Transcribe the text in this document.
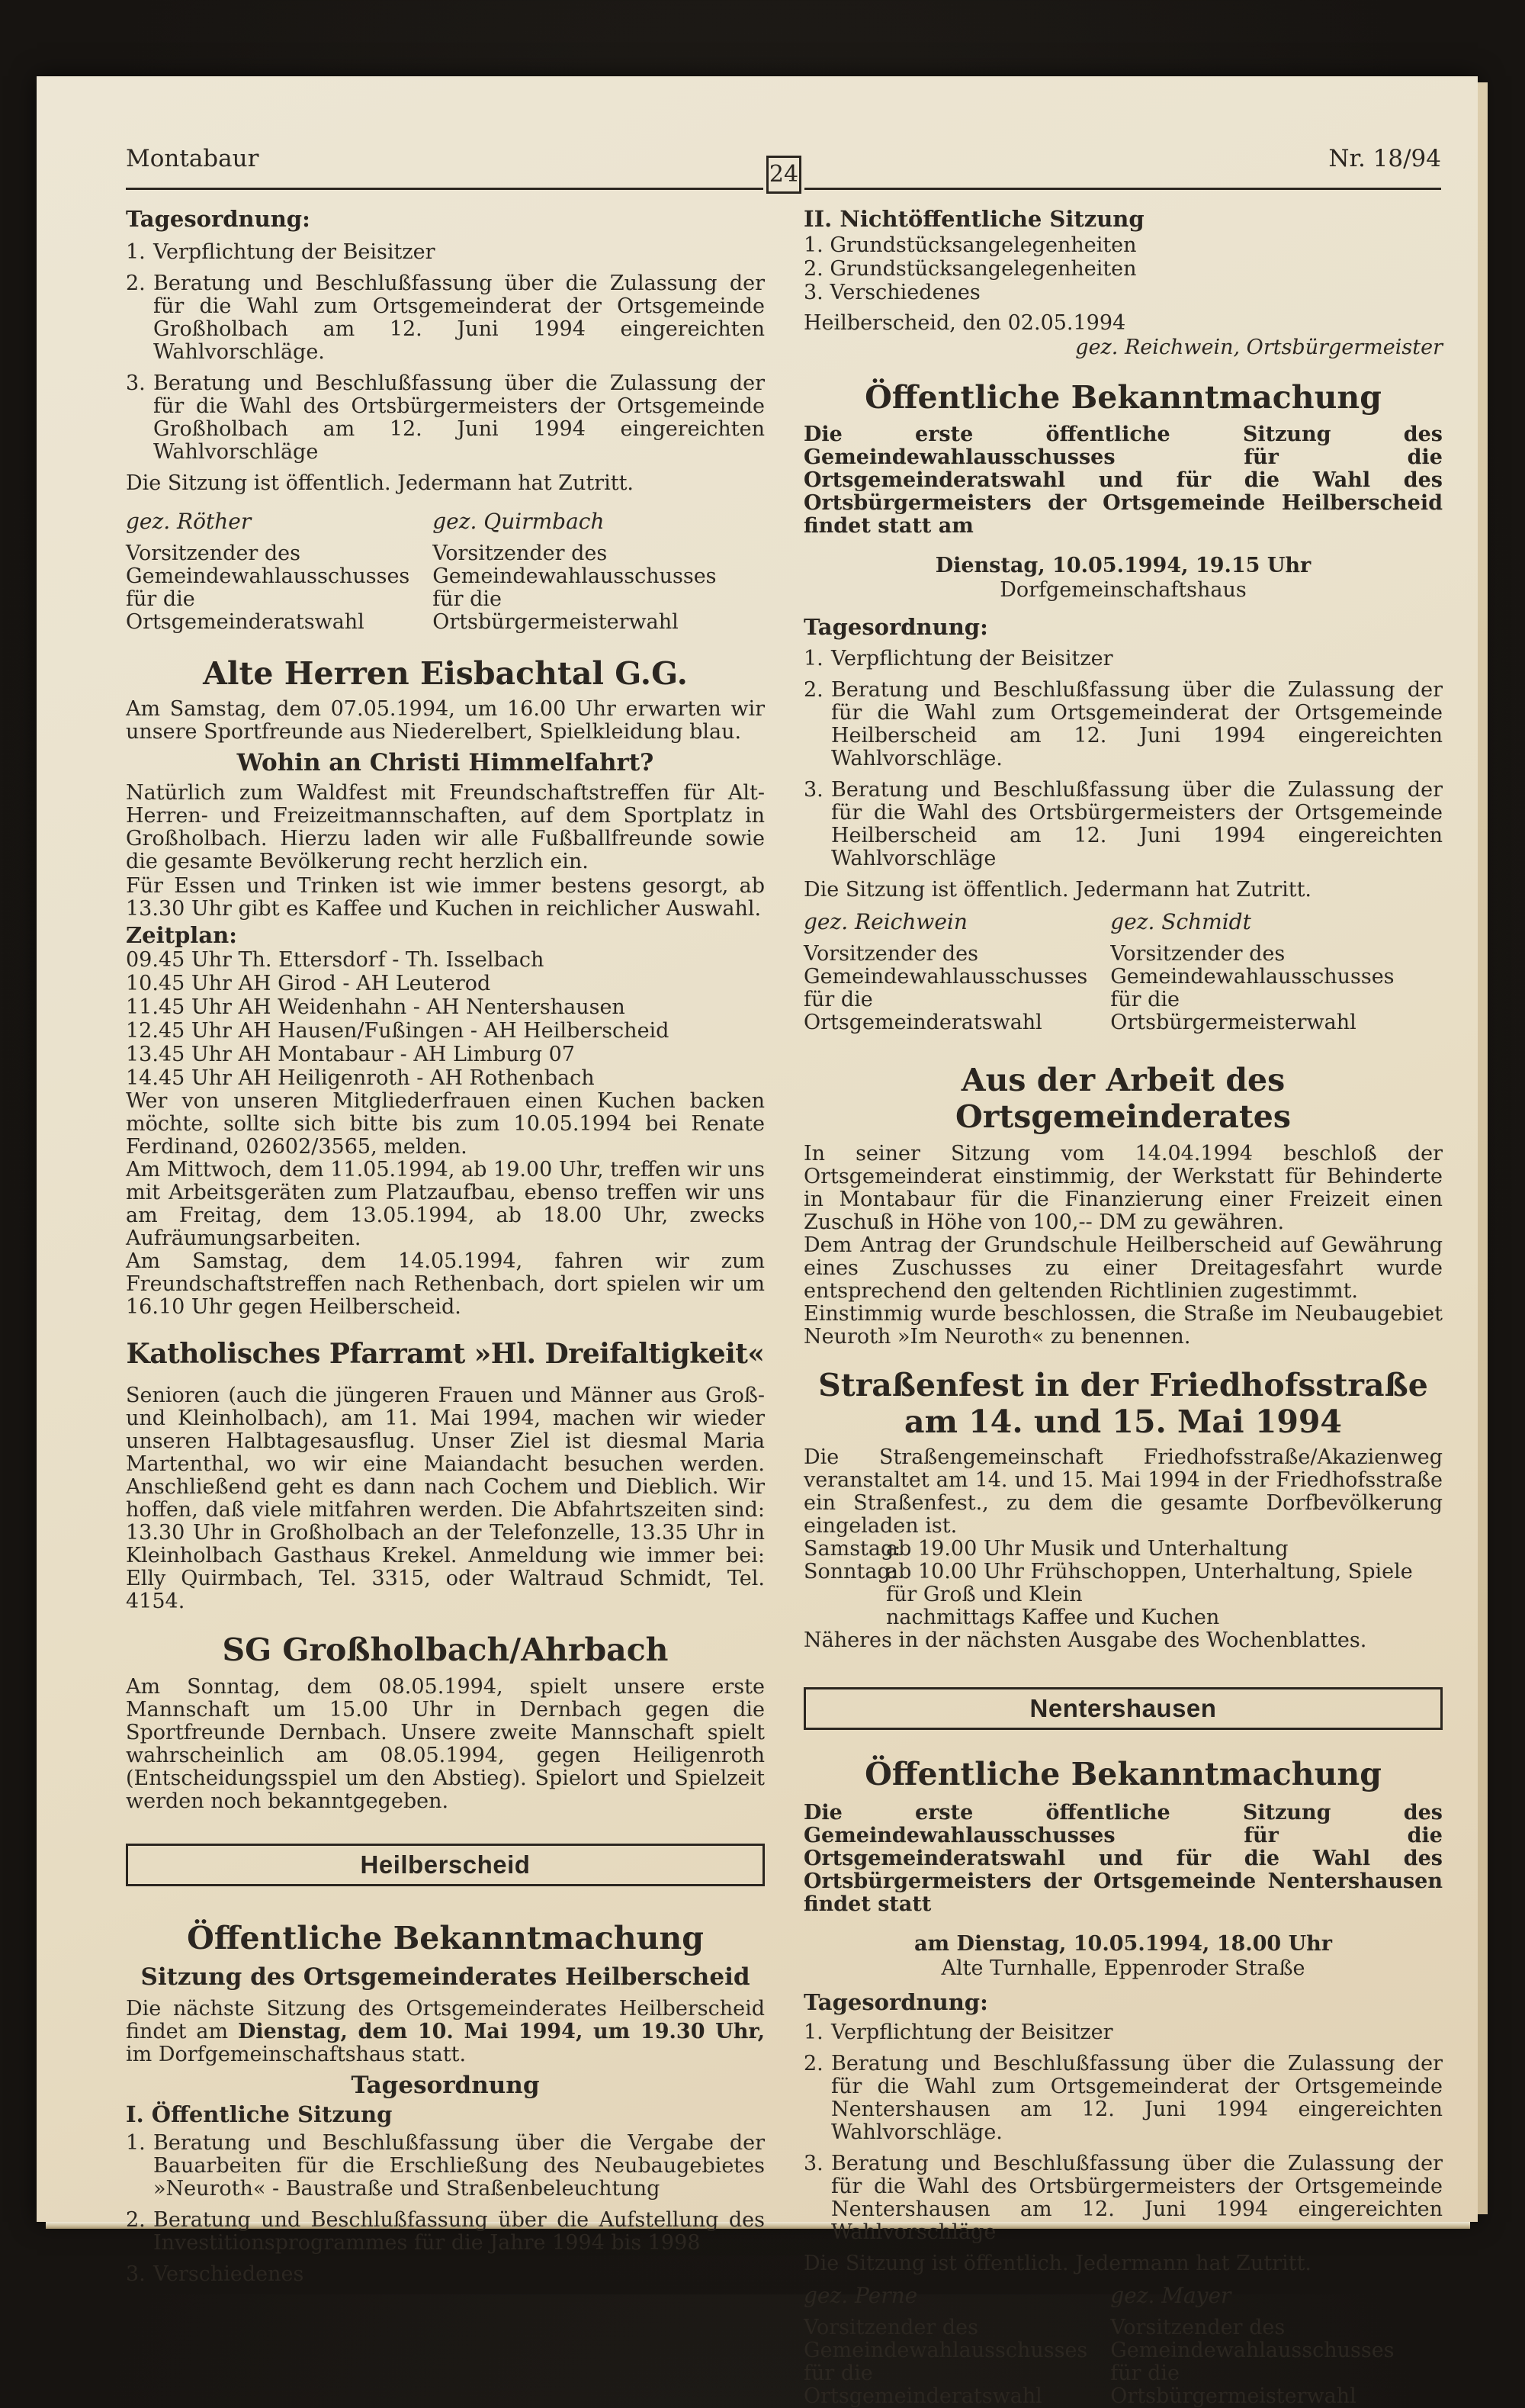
Montabaur
24
Nr. 18/94
Tagesordnung:
1. Verpflichtung der Beisitzer
2. Beratung und Beschlußfassung über die Zulassung der für die Wahl zum Ortsgemeinderat der Ortsgemeinde Großholbach am 12. Juni 1994 eingereichten Wahlvorschläge.
3. Beratung und Beschlußfassung über die Zulassung der für die Wahl des Ortsbürgermeisters der Ortsgemeinde Großholbach am 12. Juni 1994 eingereichten Wahlvorschläge

Die Sitzung ist öffentlich. Jedermann hat Zutritt.

gez. Röther
Vorsitzender des
Gemeindewahlausschusses
für die
Ortsgemeinderatswahl
gez. Quirmbach
Vorsitzender des
Gemeindewahlausschusses
für die
Ortsbürgermeisterwahl
Alte Herren Eisbachtal G.G.

Am Samstag, dem 07.05.1994, um 16.00 Uhr erwarten wir unsere Sportfreunde aus Niederelbert, Spielkleidung blau.

Wohin an Christi Himmelfahrt?

Natürlich zum Waldfest mit Freundschaftstreffen für Alt-Herren- und Freizeitmannschaften, auf dem Sportplatz in Großholbach. Hierzu laden wir alle Fußballfreunde sowie die gesamte Bevölkerung recht herzlich ein.

Für Essen und Trinken ist wie immer bestens gesorgt, ab 13.30 Uhr gibt es Kaffee und Kuchen in reichlicher Auswahl.

Zeitplan:
09.45 Uhr Th. Ettersdorf - Th. Isselbach
10.45 Uhr AH Girod - AH Leuterod
11.45 Uhr AH Weidenhahn - AH Nentershausen
12.45 Uhr AH Hausen/Fußingen - AH Heilberscheid
13.45 Uhr AH Montabaur - AH Limburg 07
14.45 Uhr AH Heiligenroth - AH Rothenbach

Wer von unseren Mitgliederfrauen einen Kuchen backen möchte, sollte sich bitte bis zum 10.05.1994 bei Renate Ferdinand, 02602/3565, melden.

Am Mittwoch, dem 11.05.1994, ab 19.00 Uhr, treffen wir uns mit Arbeitsgeräten zum Platzaufbau, ebenso treffen wir uns am Freitag, dem 13.05.1994, ab 18.00 Uhr, zwecks Aufräumungsarbeiten.

Am Samstag, dem 14.05.1994, fahren wir zum Freundschaftstreffen nach Rethenbach, dort spielen wir um 16.10 Uhr gegen Heilberscheid.

Katholisches Pfarramt »Hl. Dreifaltigkeit«

Senioren (auch die jüngeren Frauen und Männer aus Groß- und Kleinholbach), am 11. Mai 1994, machen wir wieder unseren Halbtagesausflug. Unser Ziel ist diesmal Maria Martenthal, wo wir eine Maiandacht besuchen werden. Anschließend geht es dann nach Cochem und Dieblich. Wir hoffen, daß viele mitfahren werden. Die Abfahrtszeiten sind: 13.30 Uhr in Großholbach an der Telefonzelle, 13.35 Uhr in Kleinholbach Gasthaus Krekel. Anmeldung wie immer bei: Elly Quirmbach, Tel. 3315, oder Waltraud Schmidt, Tel. 4154.

SG Großholbach/Ahrbach

Am Sonntag, dem 08.05.1994, spielt unsere erste Mannschaft um 15.00 Uhr in Dernbach gegen die Sportfreunde Dernbach. Unsere zweite Mannschaft spielt wahrscheinlich am 08.05.1994, gegen Heiligenroth (Entscheidungsspiel um den Abstieg). Spielort und Spielzeit werden noch bekanntgegeben.

Heilberscheid
Öffentliche Bekanntmachung
Sitzung des Ortsgemeinderates Heilberscheid

Die nächste Sitzung des Ortsgemeinderates Heilberscheid findet am Dienstag, dem 10. Mai 1994, um 19.30 Uhr, im Dorfgemeinschaftshaus statt.

Tagesordnung
I. Öffentliche Sitzung
1. Beratung und Beschlußfassung über die Vergabe der Bauarbeiten für die Erschließung des Neubaugebietes »Neuroth« - Baustraße und Straßenbeleuchtung
2. Beratung und Beschlußfassung über die Aufstellung des Investitionsprogrammes für die Jahre 1994 bis 1998
3. Verschiedenes
II. Nichtöffentliche Sitzung
1. Grundstücksangelegenheiten
2. Grundstücksangelegenheiten
3. Verschiedenes
Heilberscheid, den 02.05.1994
gez. Reichwein, Ortsbürgermeister
Öffentliche Bekanntmachung

Die erste öffentliche Sitzung des Gemeindewahlausschusses für die Ortsgemeinderatswahl und für die Wahl des Ortsbürgermeisters der Ortsgemeinde Heilberscheid findet statt am

Dienstag, 10.05.1994, 19.15 Uhr
Dorfgemeinschaftshaus
Tagesordnung:
1. Verpflichtung der Beisitzer
2. Beratung und Beschlußfassung über die Zulassung der für die Wahl zum Ortsgemeinderat der Ortsgemeinde Heilberscheid am 12. Juni 1994 eingereichten Wahlvorschläge.
3. Beratung und Beschlußfassung über die Zulassung der für die Wahl des Ortsbürgermeisters der Ortsgemeinde Heilberscheid am 12. Juni 1994 eingereichten Wahlvorschläge

Die Sitzung ist öffentlich. Jedermann hat Zutritt.

gez. Reichwein
Vorsitzender des
Gemeindewahlausschusses
für die
Ortsgemeinderatswahl
gez. Schmidt
Vorsitzender des
Gemeindewahlausschusses
für die
Ortsbürgermeisterwahl
Aus der Arbeit des Ortsgemeinderates

In seiner Sitzung vom 14.04.1994 beschloß der Ortsgemeinderat einstimmig, der Werkstatt für Behinderte in Montabaur für die Finanzierung einer Freizeit einen Zuschuß in Höhe von 100,-- DM zu gewähren.

Dem Antrag der Grundschule Heilberscheid auf Gewährung eines Zuschusses zu einer Dreitagesfahrt wurde entsprechend den geltenden Richtlinien zugestimmt.

Einstimmig wurde beschlossen, die Straße im Neubaugebiet Neuroth »Im Neuroth« zu benennen.

Straßenfest in der Friedhofsstraße
am 14. und 15. Mai 1994

Die Straßengemeinschaft Friedhofsstraße/Akazienweg veranstaltet am 14. und 15. Mai 1994 in der Friedhofsstraße ein Straßenfest., zu dem die gesamte Dorfbevölkerung eingeladen ist.

Samstag:
ab 19.00 Uhr Musik und Unterhaltung
Sonntag:
ab 10.00 Uhr Frühschoppen, Unterhaltung, Spiele für Groß und Klein
nachmittags Kaffee und Kuchen

Näheres in der nächsten Ausgabe des Wochenblattes.

Nentershausen
Öffentliche Bekanntmachung

Die erste öffentliche Sitzung des Gemeindewahlausschusses für die Ortsgemeinderatswahl und für die Wahl des Ortsbürgermeisters der Ortsgemeinde Nentershausen findet statt

am Dienstag, 10.05.1994, 18.00 Uhr
Alte Turnhalle, Eppenroder Straße
Tagesordnung:
1. Verpflichtung der Beisitzer
2. Beratung und Beschlußfassung über die Zulassung der für die Wahl zum Ortsgemeinderat der Ortsgemeinde Nentershausen am 12. Juni 1994 eingereichten Wahlvorschläge.
3. Beratung und Beschlußfassung über die Zulassung der für die Wahl des Ortsbürgermeisters der Ortsgemeinde Nentershausen am 12. Juni 1994 eingereichten Wahlvorschläge

Die Sitzung ist öffentlich. Jedermann hat Zutritt.

gez. Perne
Vorsitzender des
Gemeindewahlausschusses
für die
Ortsgemeinderatswahl
gez. Mayer
Vorsitzender des
Gemeindewahlausschusses
für die
Ortsbürgermeisterwahl
